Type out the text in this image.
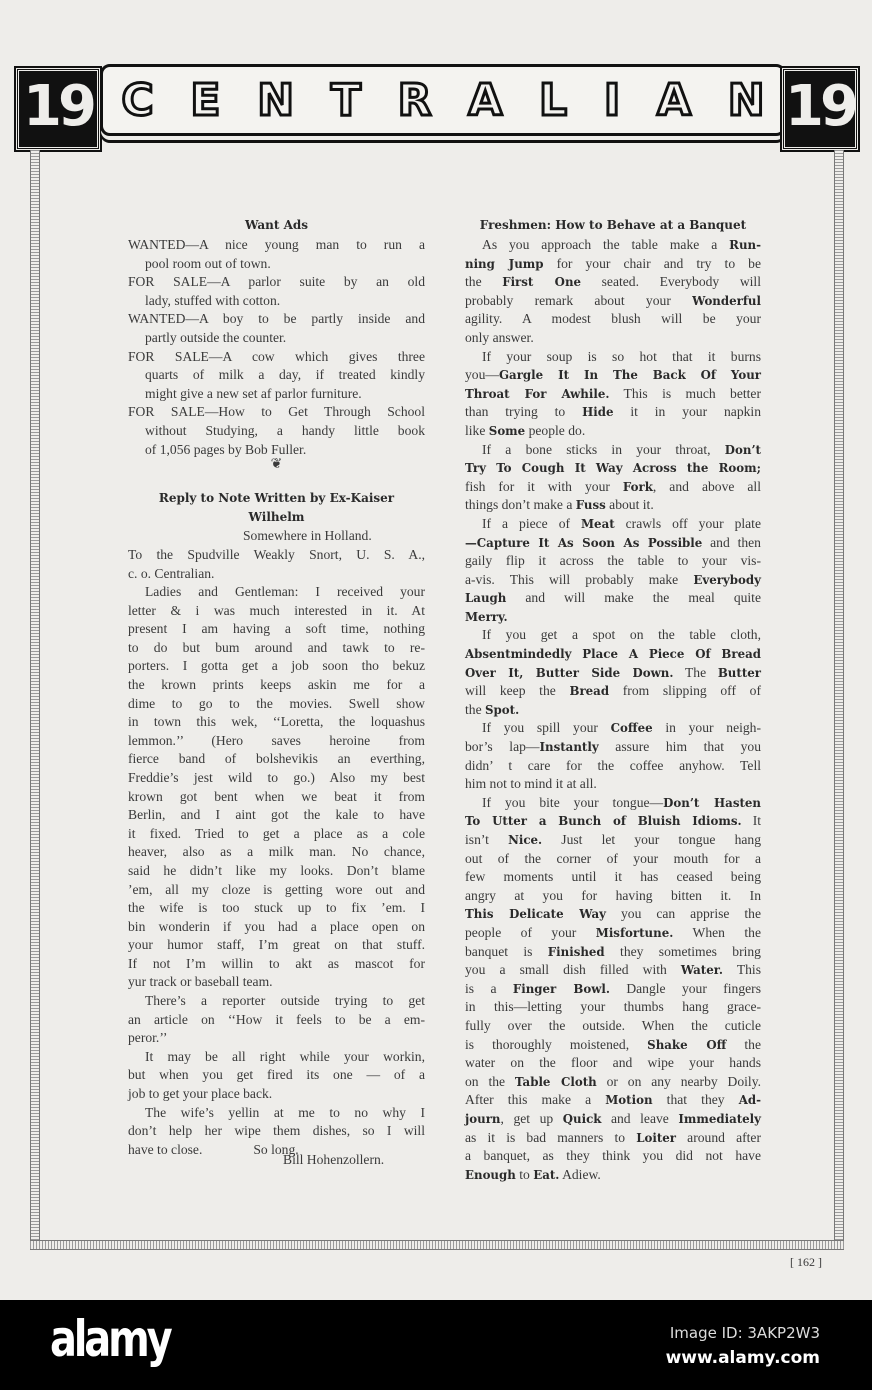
19 C E N T R A L I A N 19
Want Ads
WANTED—A nice young man to run a
pool room out of town.
FOR SALE—A parlor suite by an old
lady, stuffed with cotton.
WANTED—A boy to be partly inside and
partly outside the counter.
FOR SALE—A cow which gives three
quarts of milk a day, if treated kindly
might give a new set af parlor furniture.
FOR SALE—How to Get Through School
without Studying, a handy little book
of 1,056 pages by Bob Fuller.
❦
Reply to Note Written by Ex-Kaiser
Wilhelm
Somewhere in Holland.
To the Spudville Weakly Snort, U. S. A.,
c. o. Centralian.
Ladies and Gentleman: I received your
letter & i was much interested in it. At
present I am having a soft time, nothing
to do but bum around and tawk to re-
porters. I gotta get a job soon tho bekuz
the krown prints keeps askin me for a
dime to go to the movies. Swell show
in town this wek, ‘‘Loretta, the loquashus
lemmon.’’ (Hero saves heroine from
fierce band of bolshevikis an everthing,
Freddie’s jest wild to go.) Also my best
krown got bent when we beat it from
Berlin, and I aint got the kale to have
it fixed. Tried to get a place as a cole
heaver, also as a milk man. No chance,
said he didn’t like my looks. Don’t blame
’em, all my cloze is getting wore out and
the wife is too stuck up to fix ’em. I
bin wonderin if you had a place open on
your humor staff, I’m great on that stuff.
If not I’m willin to akt as mascot for
yur track or baseball team.
There’s a reporter outside trying to get
an article on ‘‘How it feels to be a em-
peror.’’
It may be all right while your workin,
but when you get fired its one — of a
job to get your place back.
The wife’s yellin at me to no why I
don’t help her wipe them dishes, so I will
have to close.               So long.
Bill Hohenzollern.
Freshmen: How to Behave at a Banquet
As you approach the table make a Run-
ning Jump for your chair and try to be
the First One seated. Everybody will
probably remark about your Wonderful
agility. A modest blush will be your
only answer.
If your soup is so hot that it burns
you—Gargle It In The Back Of Your
Throat For Awhile. This is much better
than trying to Hide it in your napkin
like Some people do.
If a bone sticks in your throat, Don’t
Try To Cough It Way Across the Room;
fish for it with your Fork, and above all
things don’t make a Fuss about it.
If a piece of Meat crawls off your plate
—Capture It As Soon As Possible and then
gaily flip it across the table to your vis-
a-vis. This will probably make Everybody
Laugh and will make the meal quite
Merry.
If you get a spot on the table cloth,
Absentmindedly Place A Piece Of Bread
Over It, Butter Side Down. The Butter
will keep the Bread from slipping off of
the Spot.
If you spill your Coffee in your neigh-
bor’s lap—Instantly assure him that you
didn’ t care for the coffee anyhow. Tell
him not to mind it at all.
If you bite your tongue—Don’t Hasten
To Utter a Bunch of Bluish Idioms. It
isn’t Nice. Just let your tongue hang
out of the corner of your mouth for a
few moments until it has ceased being
angry at you for having bitten it. In
This Delicate Way you can apprise the
people of your Misfortune. When the
banquet is Finished they sometimes bring
you a small dish filled with Water. This
is a Finger Bowl. Dangle your fingers
in this—letting your thumbs hang grace-
fully over the outside. When the cuticle
is thoroughly moistened, Shake Off the
water on the floor and wipe your hands
on the Table Cloth or on any nearby Doily.
After this make a Motion that they Ad-
journ, get up Quick and leave Immediately
as it is bad manners to Loiter around after
a banquet, as they think you did not have
Enough to Eat. Adiew.
[ 162 ]
alamy	Image ID: 3AKP2W3
www.alamy.com
